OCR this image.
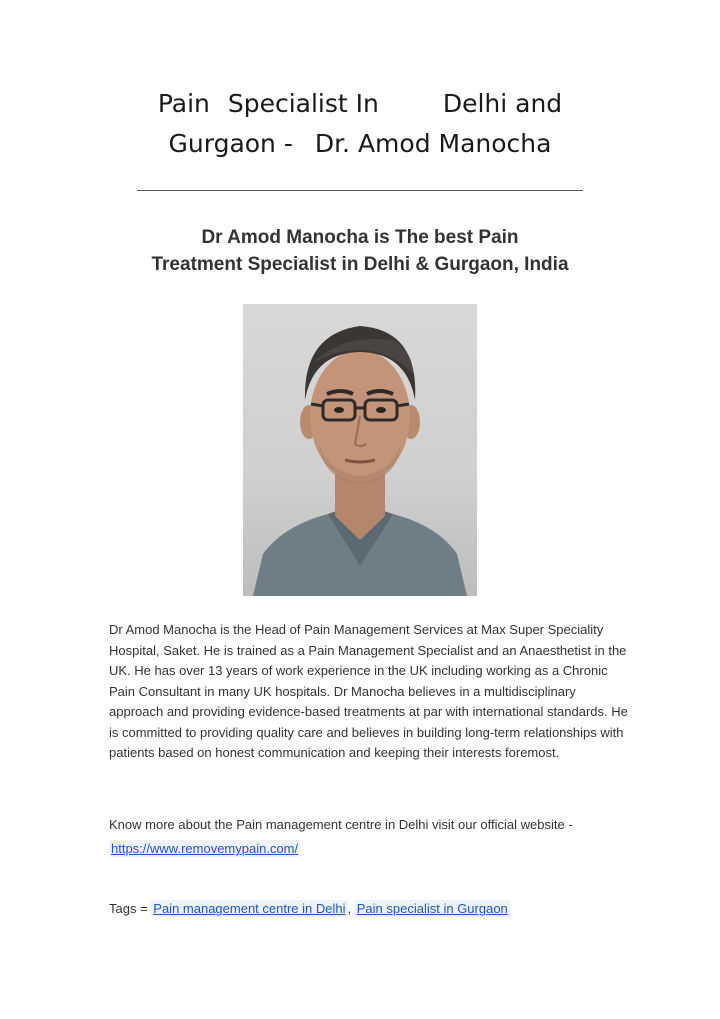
Pain Specialist In	Delhi and
Gurgaon - Dr. Amod Manocha
Dr Amod Manocha is The best Pain
Treatment Specialist in Delhi & Gurgaon, India
Dr Amod Manocha is the Head of Pain Management Services at Max Super Speciality Hospital, Saket. He is trained as a Pain Management Specialist and an Anaesthetist in the UK. He has over 13 years of work experience in the UK including working as a Chronic Pain Consultant in many UK hospitals. Dr Manocha believes in a multidisciplinary approach and providing evidence-based treatments at par with international standards. He is committed to providing quality care and believes in building long-term relationships with patients based on honest communication and keeping their interests foremost.
Know more about the Pain management centre in Delhi visit our official website - https://www.removemypain.com/
Tags = Pain management centre in Delhi , Pain specialist in Gurgaon
